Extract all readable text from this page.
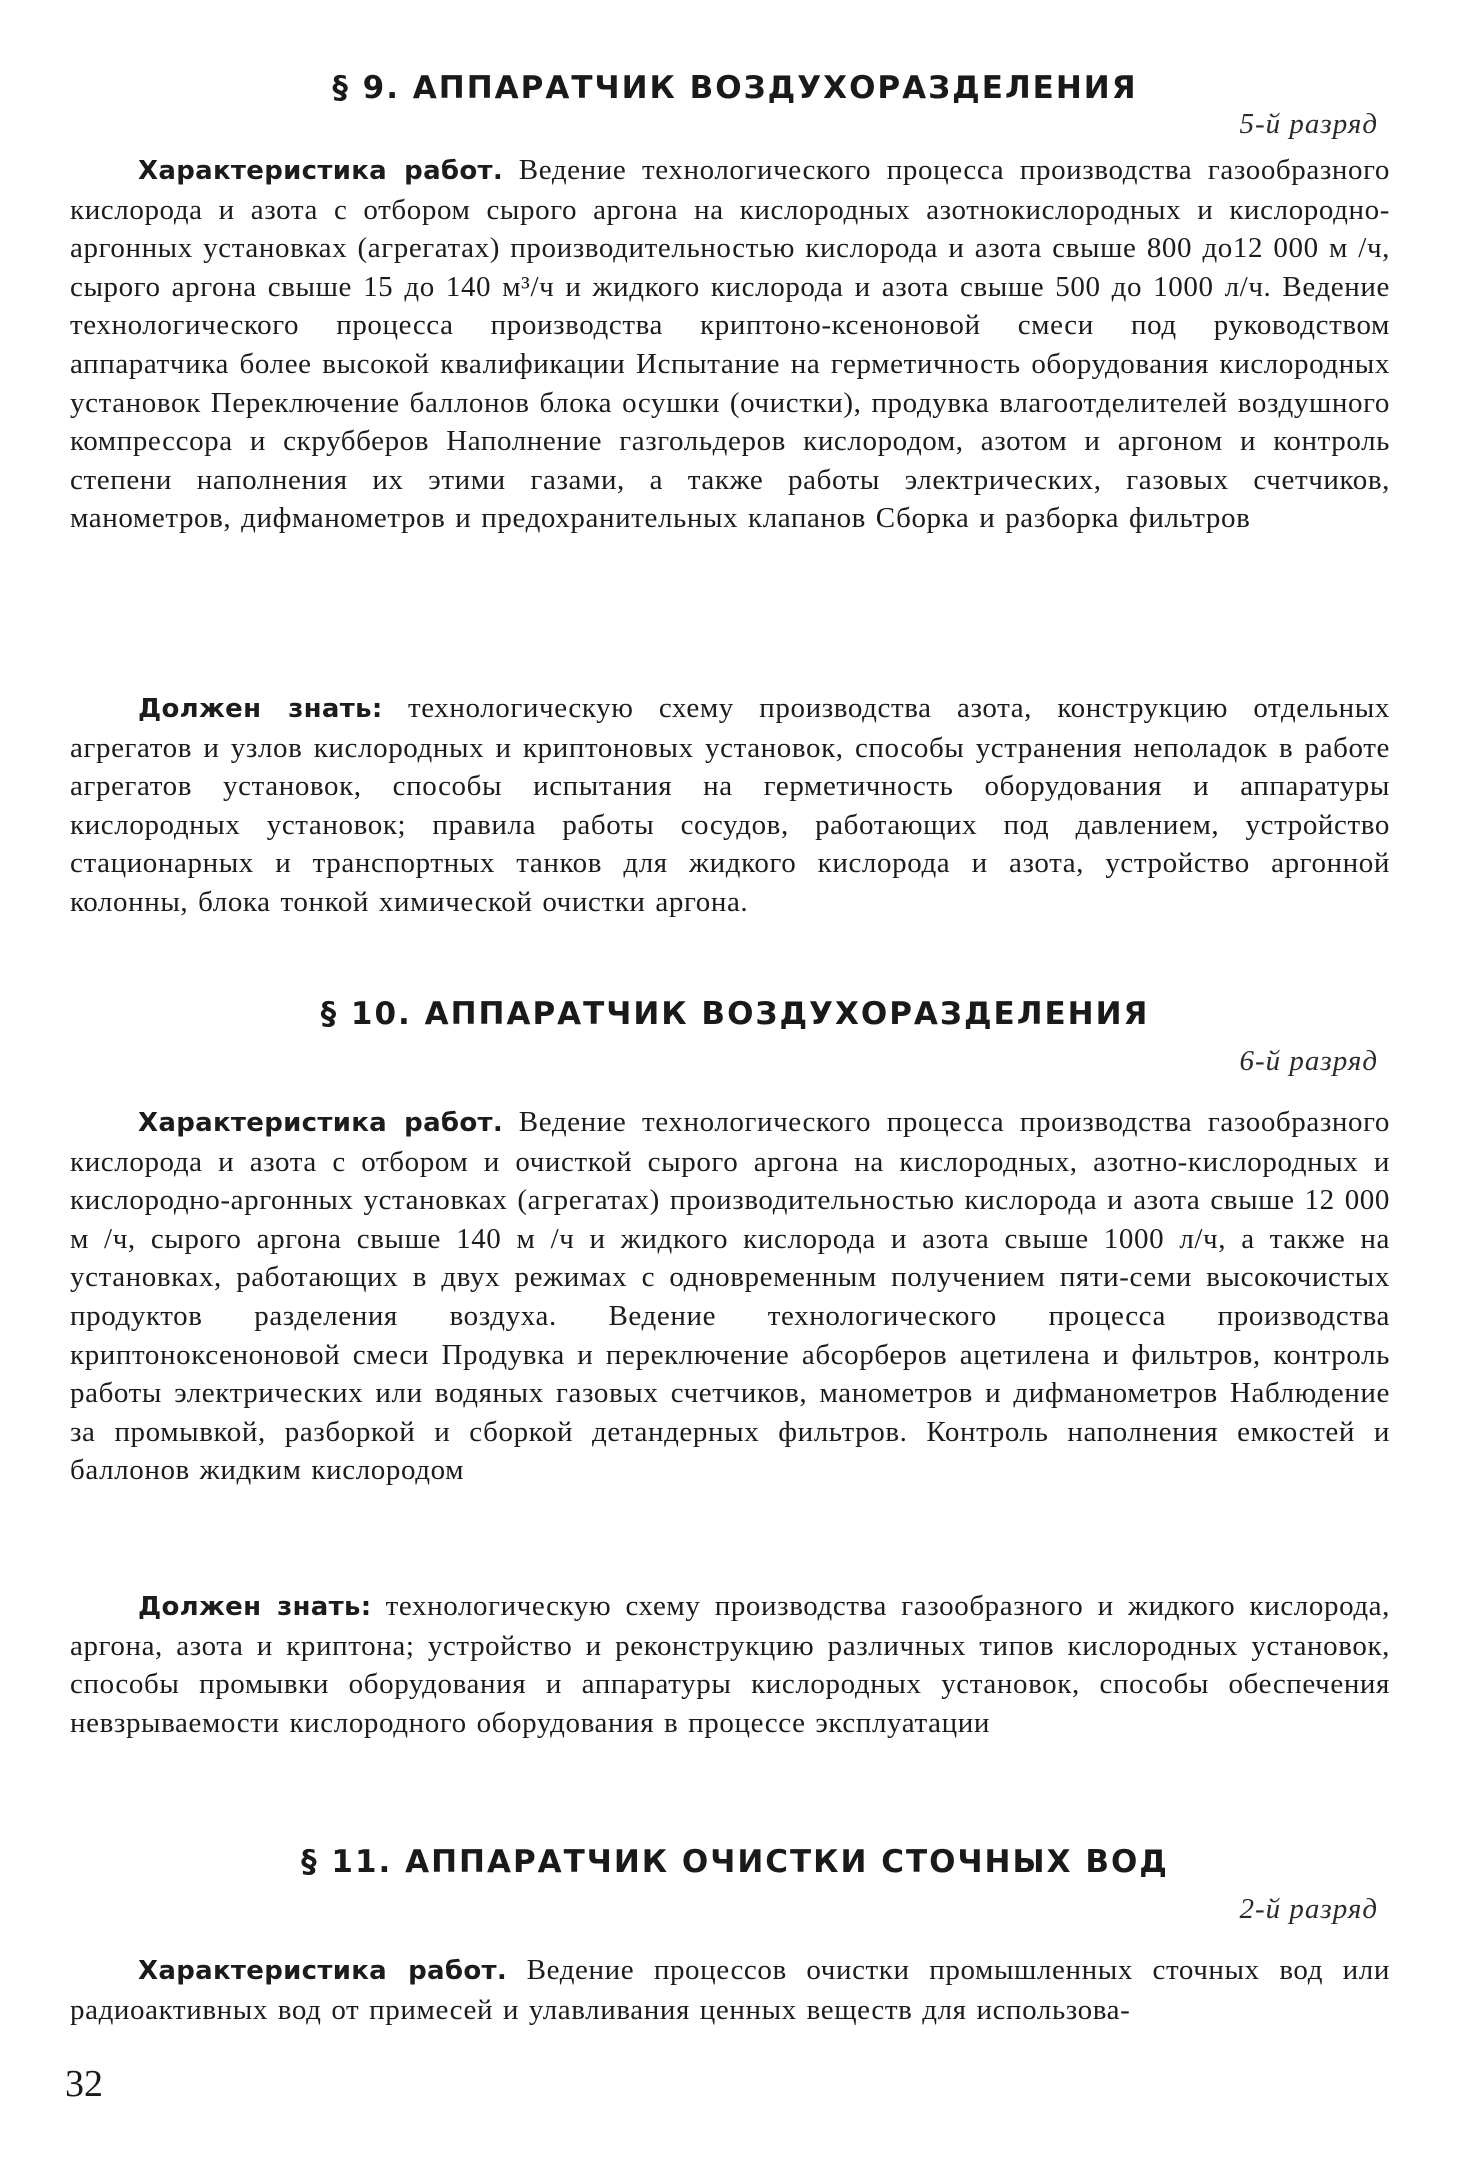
§ 9. АППАРАТЧИК ВОЗДУХОРАЗДЕЛЕНИЯ
5-й разряд

Характеристика работ. Ведение технологического процесса производства газообразного кислорода и азота с отбором сырого аргона на кислородных азотнокислородных и кислородно-аргонных установках (агрегатах) производительностью кислорода и азота свыше 800 до12 000 м /ч, сырого аргона свыше 15 до 140 м³/ч и жидкого кислорода и азота свыше 500 до 1000 л/ч. Ведение технологического процесса производства криптоно-ксеноновой смеси под руководством аппаратчика более высокой квалификации Испытание на герметичность оборудования кислородных установок Переключение баллонов блока осушки (очистки), продувка влагоотделителей воздушного компрессора и скрубберов Наполнение газгольдеров кислородом, азотом и аргоном и контроль степени наполнения их этими газами, а также работы электрических, газовых счетчиков, манометров, дифманометров и предохранительных клапанов Сборка и разборка фильтров

Должен знать: технологическую схему производства азота, конструкцию отдельных агрегатов и узлов кислородных и криптоновых установок, способы устранения неполадок в работе агрегатов установок, способы испытания на герметичность оборудования и аппаратуры кислородных установок; правила работы сосудов, работающих под давлением, устройство стационарных и транспортных танков для жидкого кислорода и азота, устройство аргонной колонны, блока тонкой химической очистки аргона.

§ 10. АППАРАТЧИК ВОЗДУХОРАЗДЕЛЕНИЯ
6-й разряд

Характеристика работ. Ведение технологического процесса производства газообразного кислорода и азота с отбором и очисткой сырого аргона на кислородных, азотно-кислородных и кислородно-аргонных установках (агрегатах) производительностью кислорода и азота свыше 12 000 м /ч, сырого аргона свыше 140 м /ч и жидкого кислорода и азота свыше 1000 л/ч, а также на установках, работающих в двух режимах с одновременным получением пяти-семи высокочистых продуктов разделения воздуха. Ведение технологического процесса производства криптоноксеноновой смеси Продувка и переключение абсорберов ацетилена и фильтров, контроль работы электрических или водяных газовых счетчиков, манометров и дифманометров Наблюдение за промывкой, разборкой и сборкой детандерных фильтров. Контроль наполнения емкостей и баллонов жидким кислородом

Должен знать: технологическую схему производства газообразного и жидкого кислорода, аргона, азота и криптона; устройство и реконструкцию различных типов кислородных установок, способы промывки оборудования и аппаратуры кислородных установок, способы обеспечения невзрываемости кислородного оборудования в процессе эксплуатации

§ 11. АППАРАТЧИК ОЧИСТКИ СТОЧНЫХ ВОД
2-й разряд

Характеристика работ. Ведение процессов очистки промышленных сточных вод или радиоактивных вод от примесей и улавливания ценных веществ для использова-

32
